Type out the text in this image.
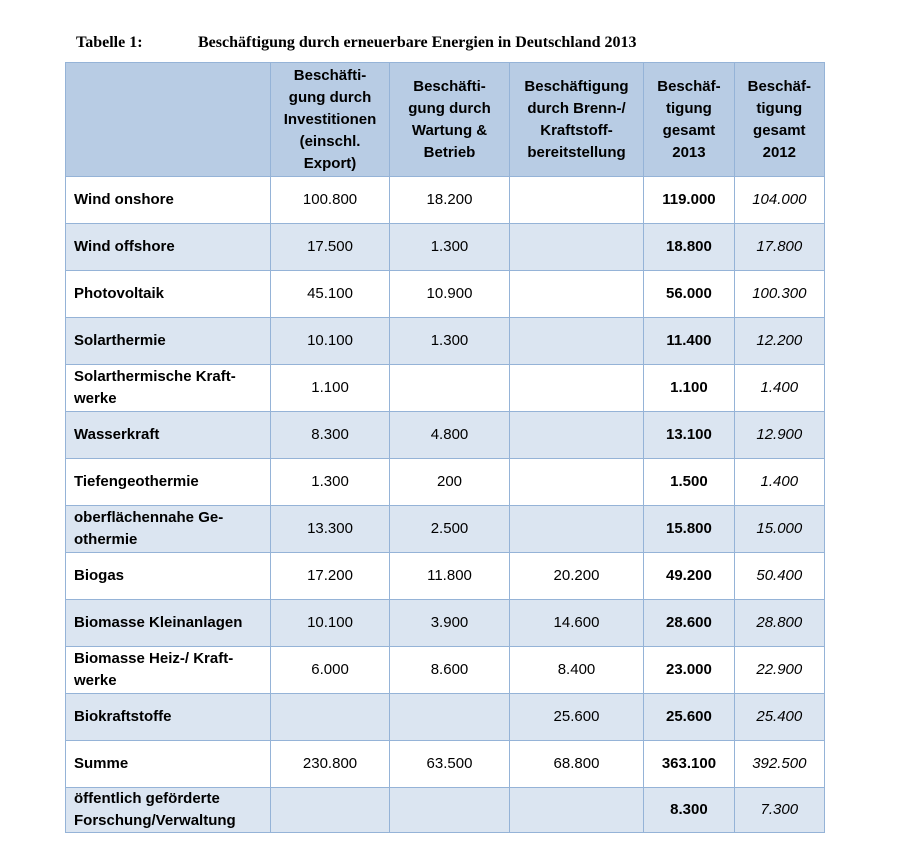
Tabelle 1:	Beschäftigung durch erneuerbare Energien in Deutschland 2013
	Beschäfti-
gung durch
Investitionen
(einschl.
Export)	Beschäfti-
gung durch
Wartung &
Betrieb	Beschäftigung
durch Brenn-/
Kraftstoff-
bereitstellung	Beschäf-
tigung
gesamt
2013	Beschäf-
tigung
gesamt
2012
Wind onshore	100.800	18.200		119.000	104.000
Wind offshore	17.500	1.300		18.800	17.800
Photovoltaik	45.100	10.900		56.000	100.300
Solarthermie	10.100	1.300		11.400	12.200
Solarthermische Kraft-
werke	1.100			1.100	1.400
Wasserkraft	8.300	4.800		13.100	12.900
Tiefengeothermie	1.300	200		1.500	1.400
oberflächennahe Ge-
othermie	13.300	2.500		15.800	15.000
Biogas	17.200	11.800	20.200	49.200	50.400
Biomasse Kleinanlagen	10.100	3.900	14.600	28.600	28.800
Biomasse Heiz-/ Kraft-
werke	6.000	8.600	8.400	23.000	22.900
Biokraftstoffe			25.600	25.600	25.400
Summe	230.800	63.500	68.800	363.100	392.500
öffentlich geförderte
Forschung/Verwaltung				8.300	7.300
